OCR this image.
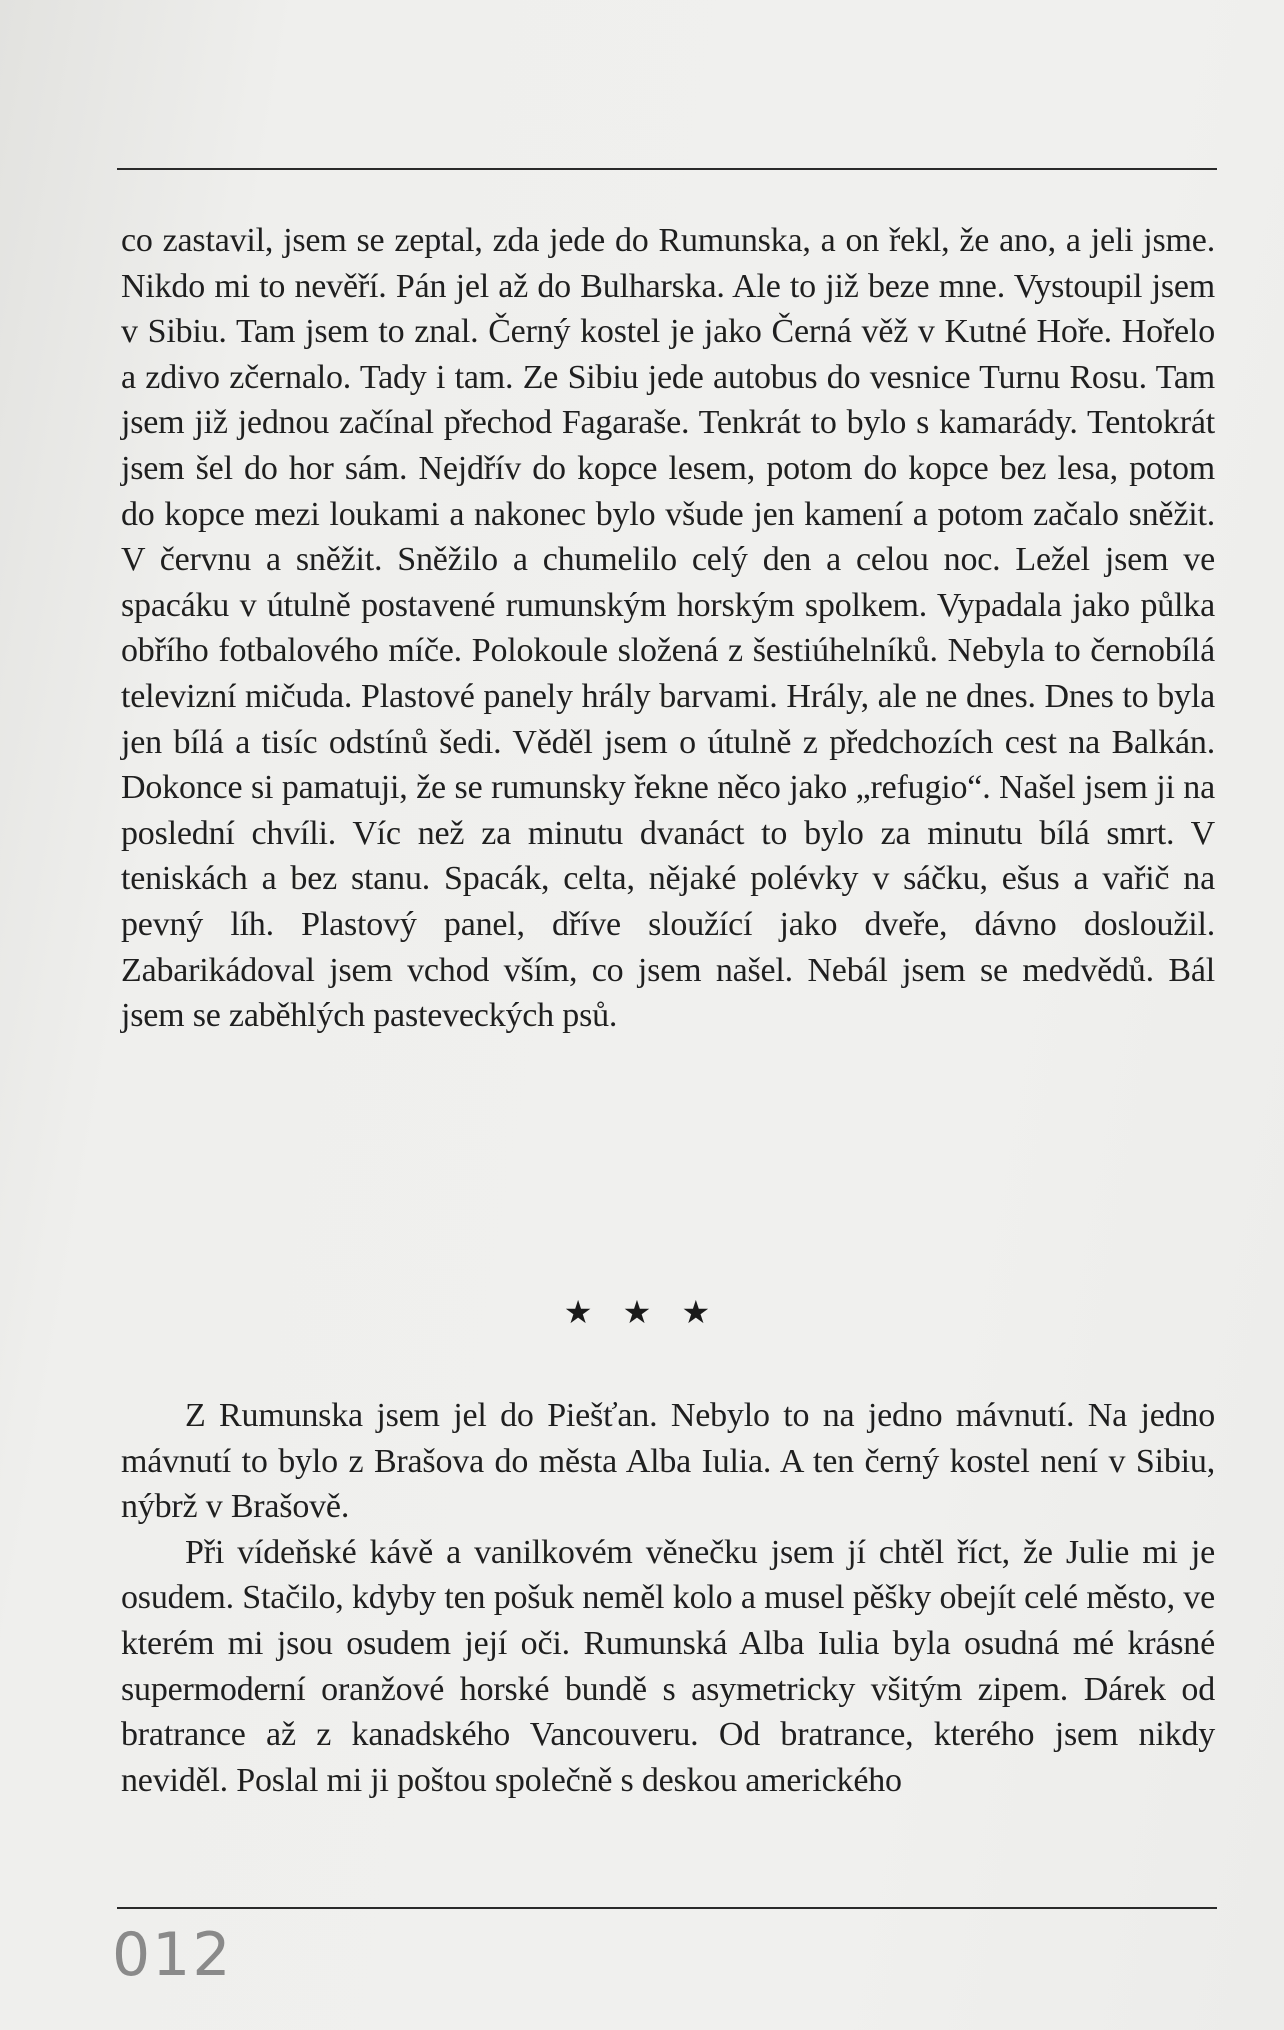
co zastavil, jsem se zeptal, zda jede do Rumunska, a on řekl, že ano, a jeli jsme. Nikdo mi to nevěří. Pán jel až do Bulharska. Ale to již beze mne. Vystoupil jsem v Sibiu. Tam jsem to znal. Černý kostel je jako Černá věž v Kutné Hoře. Hořelo a zdivo zčernalo. Tady i tam. Ze Sibiu jede autobus do vesnice Turnu Rosu. Tam jsem již jednou začínal přechod Fagaraše. Tenkrát to bylo s kamarády. Tentokrát jsem šel do hor sám. Nejdřív do kopce lesem, potom do kopce bez lesa, potom do kopce mezi loukami a nakonec bylo všude jen kamení a potom začalo sněžit. V červnu a sněžit. Sněžilo a chumelilo celý den a celou noc. Ležel jsem ve spacáku v útulně postavené rumunským horským spolkem. Vypadala jako půlka obřího fotbalového míče. Polokoule složená z šestiúhelníků. Nebyla to černobílá televizní mičuda. Plastové panely hrály barvami. Hrály, ale ne dnes. Dnes to byla jen bílá a tisíc odstínů šedi. Věděl jsem o útulně z předchozích cest na Balkán. Dokonce si pamatuji, že se rumunsky řekne něco jako „refugio“. Našel jsem ji na poslední chvíli. Víc než za minutu dvanáct to bylo za minutu bílá smrt. V teniskách a bez stanu. Spacák, celta, nějaké polévky v sáčku, ešus a vařič na pevný líh. Plastový panel, dříve sloužící jako dveře, dávno dosloužil. Zabarikádoval jsem vchod vším, co jsem našel. Nebál jsem se medvědů. Bál jsem se zaběhlých pasteveckých psů.

★ ★ ★

Z Rumunska jsem jel do Piešťan. Nebylo to na jedno mávnutí. Na jedno mávnutí to bylo z Brašova do města Alba Iulia. A ten černý kostel není v Sibiu, nýbrž v Brašově.

Při vídeňské kávě a vanilkovém věnečku jsem jí chtěl říct, že Julie mi je osudem. Stačilo, kdyby ten pošuk neměl kolo a musel pěšky obejít celé město, ve kterém mi jsou osudem její oči. Rumunská Alba Iulia byla osudná mé krásné supermoderní oranžové horské bundě s asymetricky všitým zipem. Dárek od bratrance až z kanadského Vancouveru. Od bratrance, kterého jsem nikdy neviděl. Poslal mi ji poštou společně s deskou amerického

012
